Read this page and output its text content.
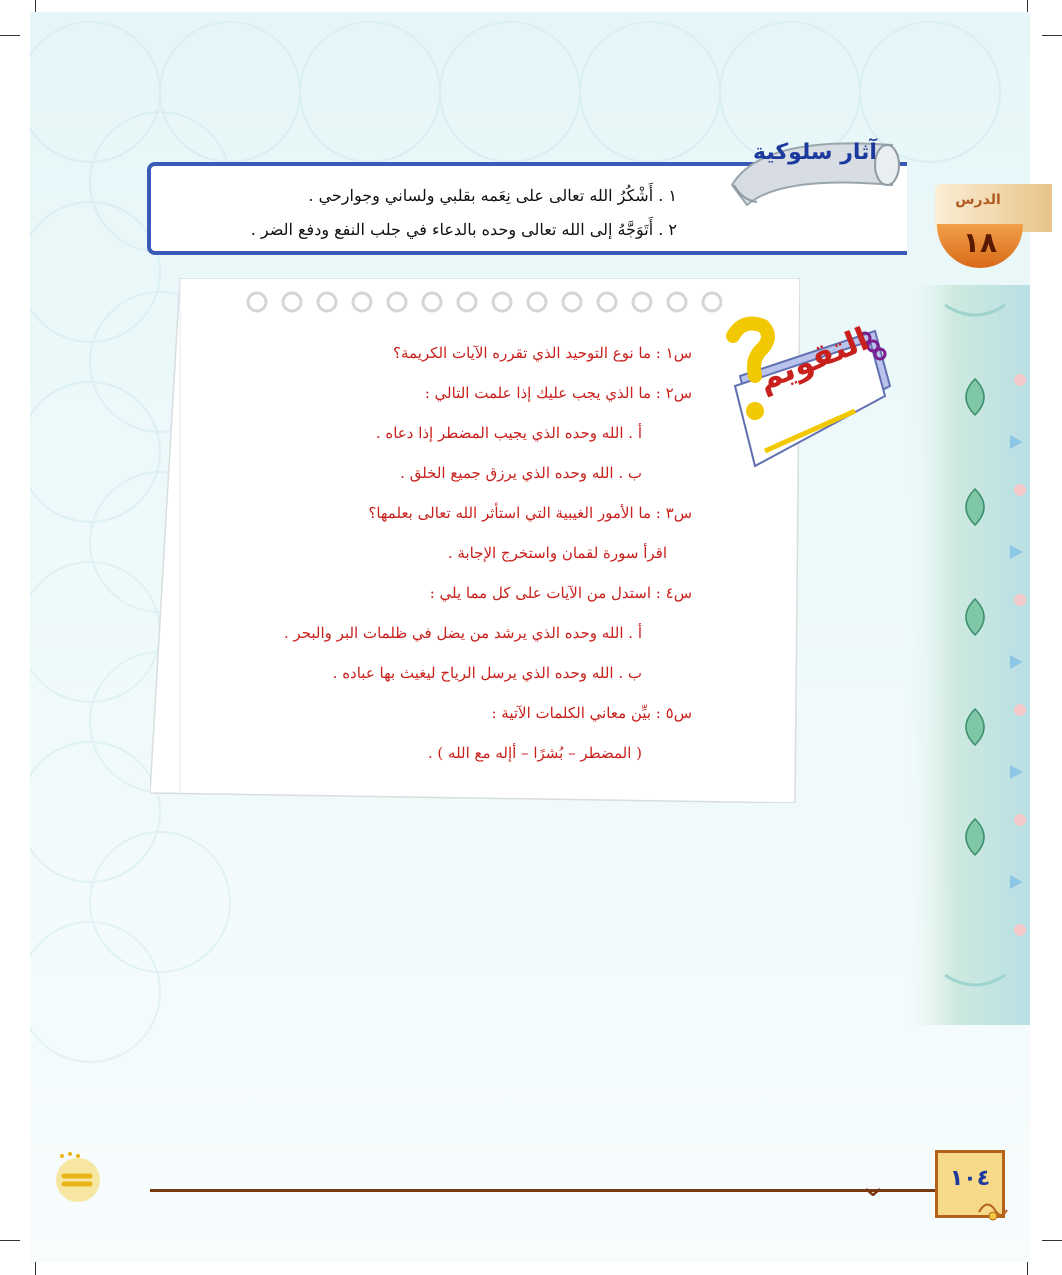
الدرس
١٨
آثار سلوكية
١ . أَشْكُرُ الله تعالى على نِعَمه بقلبي ولساني وجوارحي .
٢ . أَتَوَجَّهُ إلى الله تعالى وحده بالدعاء في جلب النفع ودفع الضر .
التقويم
س١ : ما نوع التوحيد الذي تقرره الآيات الكريمة؟
س٢ : ما الذي يجب عليك إذا علمت التالي :
أ . الله وحده الذي يجيب المضطر إذا دعاه .
ب . الله وحده الذي يرزق جميع الخلق .
س٣ : ما الأمور الغيبية التي استأثر الله تعالى بعلمها؟
اقرأ سورة لقمان واستخرج الإجابة .
س٤ : استدل من الآيات على كل مما يلي :
أ . الله وحده الذي يرشد من يضل في ظلمات البر والبحر .
ب . الله وحده الذي يرسل الرياح ليغيث بها عباده .
س٥ : بيِّن معاني الكلمات الآتية :
( المضطر – بُشرًا – أإله مع الله ) .
١٠٤
